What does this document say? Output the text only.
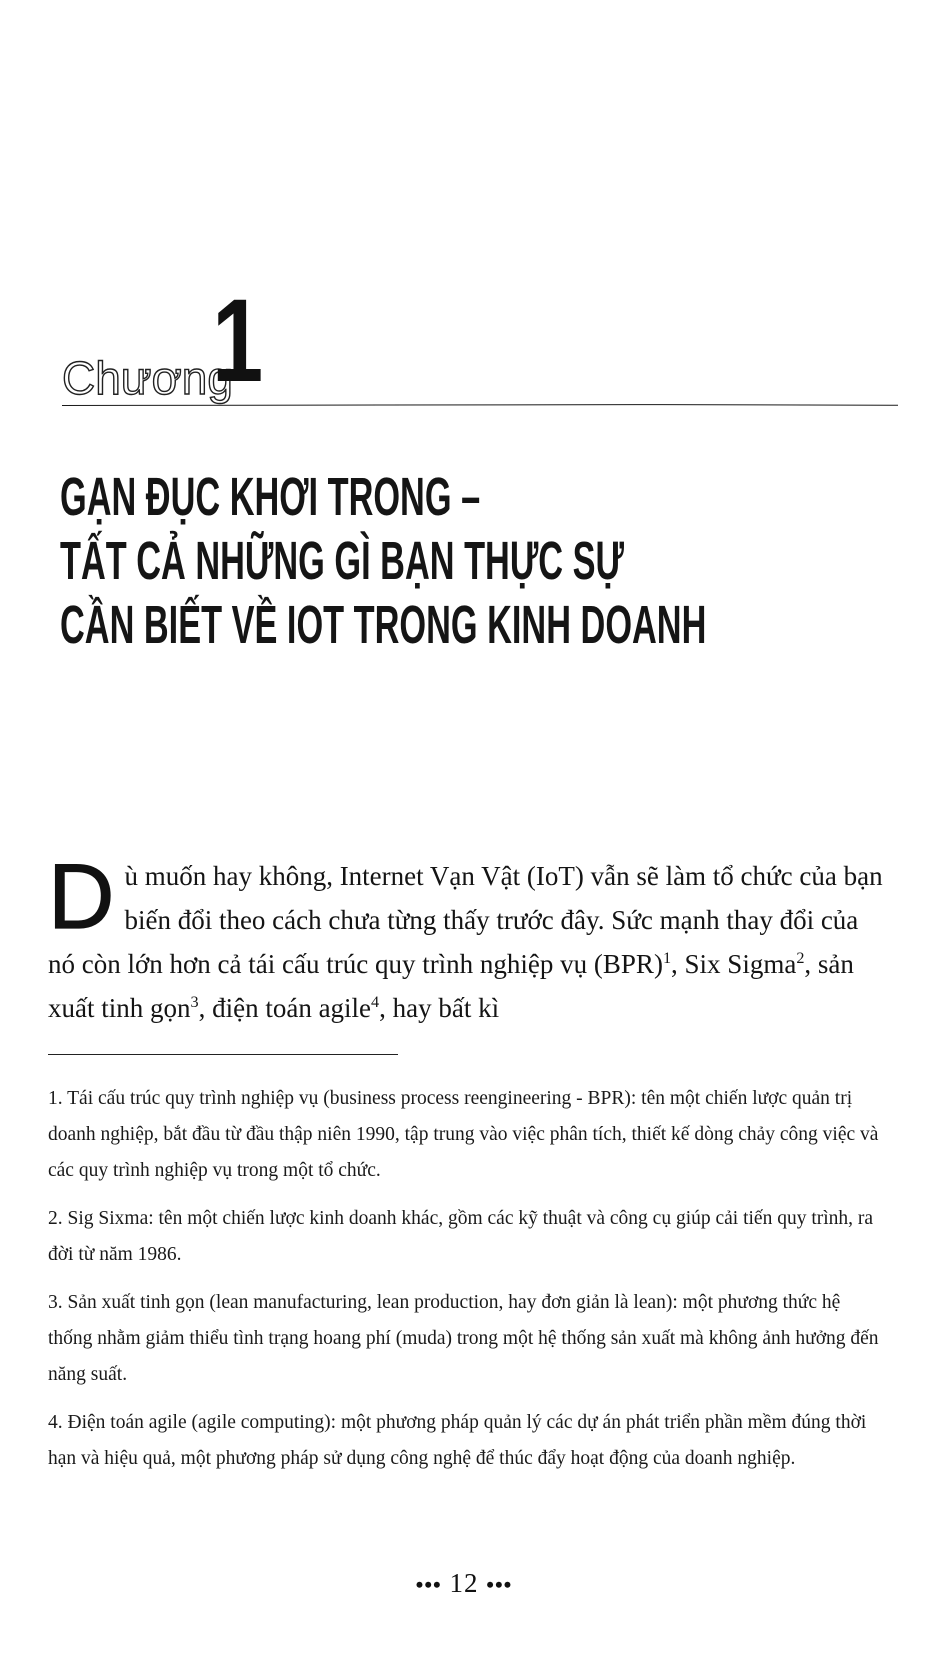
Chương
1
GẠN ĐỤC KHƠI TRONG –
TẤT CẢ NHỮNG GÌ BẠN THỰC SỰ
CẦN BIẾT VỀ IOT TRONG KINH DOANH

D ù muốn hay không, Internet Vạn Vật (IoT) vẫn sẽ làm tổ chức của bạn biến đổi theo cách chưa từng thấy trước đây. Sức mạnh thay đổi của nó còn lớn hơn cả tái cấu trúc quy trình nghiệp vụ (BPR)$^1$, Six Sigma$^2$, sản xuất tinh gọn$^3$, điện toán agile$^4$, hay bất kì

1. Tái cấu trúc quy trình nghiệp vụ (business process reengineering - BPR): tên một chiến lược quản trị doanh nghiệp, bắt đầu từ đầu thập niên 1990, tập trung vào việc phân tích, thiết kế dòng chảy công việc và các quy trình nghiệp vụ trong một tổ chức.

2. Sig Sixma: tên một chiến lược kinh doanh khác, gồm các kỹ thuật và công cụ giúp cải tiến quy trình, ra đời từ năm 1986.

3. Sản xuất tinh gọn (lean manufacturing, lean production, hay đơn giản là lean): một phương thức hệ thống nhằm giảm thiểu tình trạng hoang phí (muda) trong một hệ thống sản xuất mà không ảnh hưởng đến năng suất.

4. Điện toán agile (agile computing): một phương pháp quản lý các dự án phát triển phần mềm đúng thời hạn và hiệu quả, một phương pháp sử dụng công nghệ để thúc đẩy hoạt động của doanh nghiệp.

••• 12 •••
